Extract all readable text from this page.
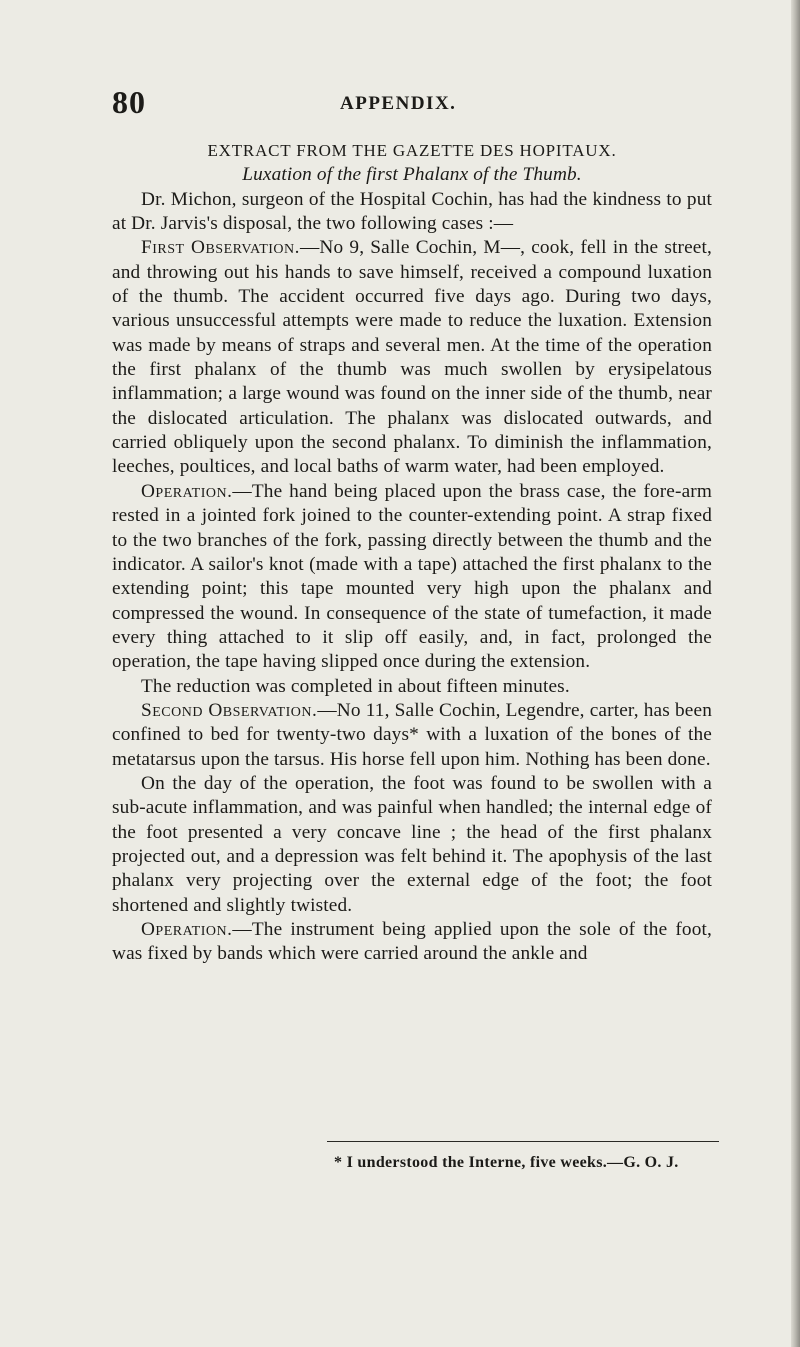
80	APPENDIX.

EXTRACT FROM THE GAZETTE DES HOPITAUX.

Luxation of the first Phalanx of the Thumb.

Dr. Michon, surgeon of the Hospital Cochin, has had the kindness to put at Dr. Jarvis's disposal, the two following cases :—

First Observation.—No 9, Salle Cochin, M—, cook, fell in the street, and throwing out his hands to save himself, received a compound luxation of the thumb. The accident occurred five days ago. During two days, various unsuccessful attempts were made to reduce the luxation. Extension was made by means of straps and several men. At the time of the operation the first phalanx of the thumb was much swollen by erysipelatous inflammation; a large wound was found on the inner side of the thumb, near the dislocated articulation. The phalanx was dislocated outwards, and carried obliquely upon the second phalanx. To diminish the inflammation, leeches, poultices, and local baths of warm water, had been employed.

Operation.—The hand being placed upon the brass case, the fore-arm rested in a jointed fork joined to the counter-extending point. A strap fixed to the two branches of the fork, passing directly between the thumb and the indicator. A sailor's knot (made with a tape) attached the first phalanx to the extending point; this tape mounted very high upon the phalanx and compressed the wound. In consequence of the state of tumefaction, it made every thing attached to it slip off easily, and, in fact, prolonged the operation, the tape having slipped once during the extension.

The reduction was completed in about fifteen minutes.

Second Observation.—No 11, Salle Cochin, Legendre, carter, has been confined to bed for twenty-two days* with a luxation of the bones of the metatarsus upon the tarsus. His horse fell upon him. Nothing has been done.

On the day of the operation, the foot was found to be swollen with a sub-acute inflammation, and was painful when handled; the internal edge of the foot presented a very concave line ; the head of the first phalanx projected out, and a depression was felt behind it. The apophysis of the last phalanx very projecting over the external edge of the foot; the foot shortened and slightly twisted.

Operation.—The instrument being applied upon the sole of the foot, was fixed by bands which were carried around the ankle and

* I understood the Interne, five weeks.—G. O. J.
